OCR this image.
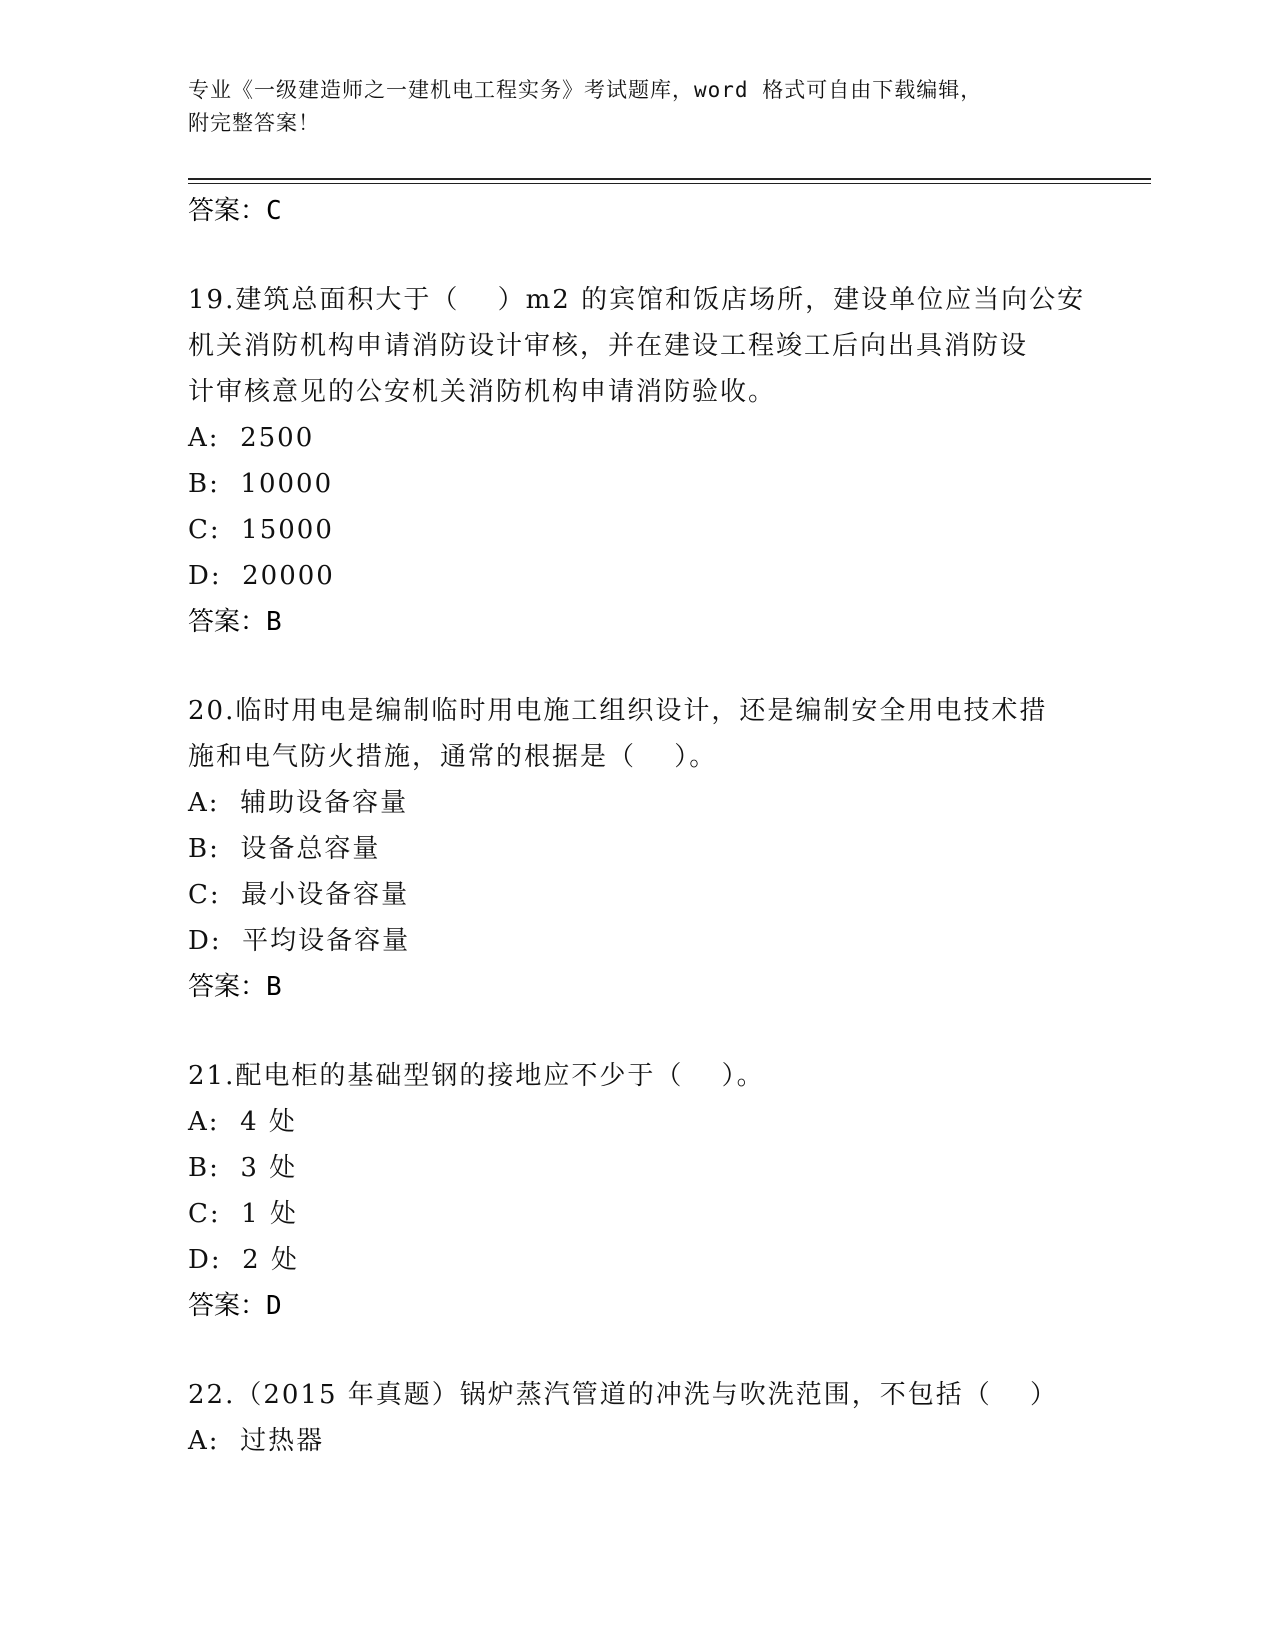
专业《一级建造师之一建机电工程实务》考试题库，word 格式可自由下载编辑，
附完整答案！
答案：C
19.建筑总面积大于（　 ）m2 的宾馆和饭店场所，建设单位应当向公安
机关消防机构申请消防设计审核，并在建设工程竣工后向出具消防设
计审核意见的公安机关消防机构申请消防验收。
A:  2500
B:  10000
C:  15000
D:  20000
答案：B
20.临时用电是编制临时用电施工组织设计，还是编制安全用电技术措
施和电气防火措施，通常的根据是（　 ）。
A:  辅助设备容量
B:  设备总容量
C:  最小设备容量
D:  平均设备容量
答案：B
21.配电柜的基础型钢的接地应不少于（　 ）。
A:  4 处
B:  3 处
C:  1 处
D:  2 处
答案：D
22.（2015 年真题）锅炉蒸汽管道的冲洗与吹洗范围，不包括（　 ）
A:  过热器
